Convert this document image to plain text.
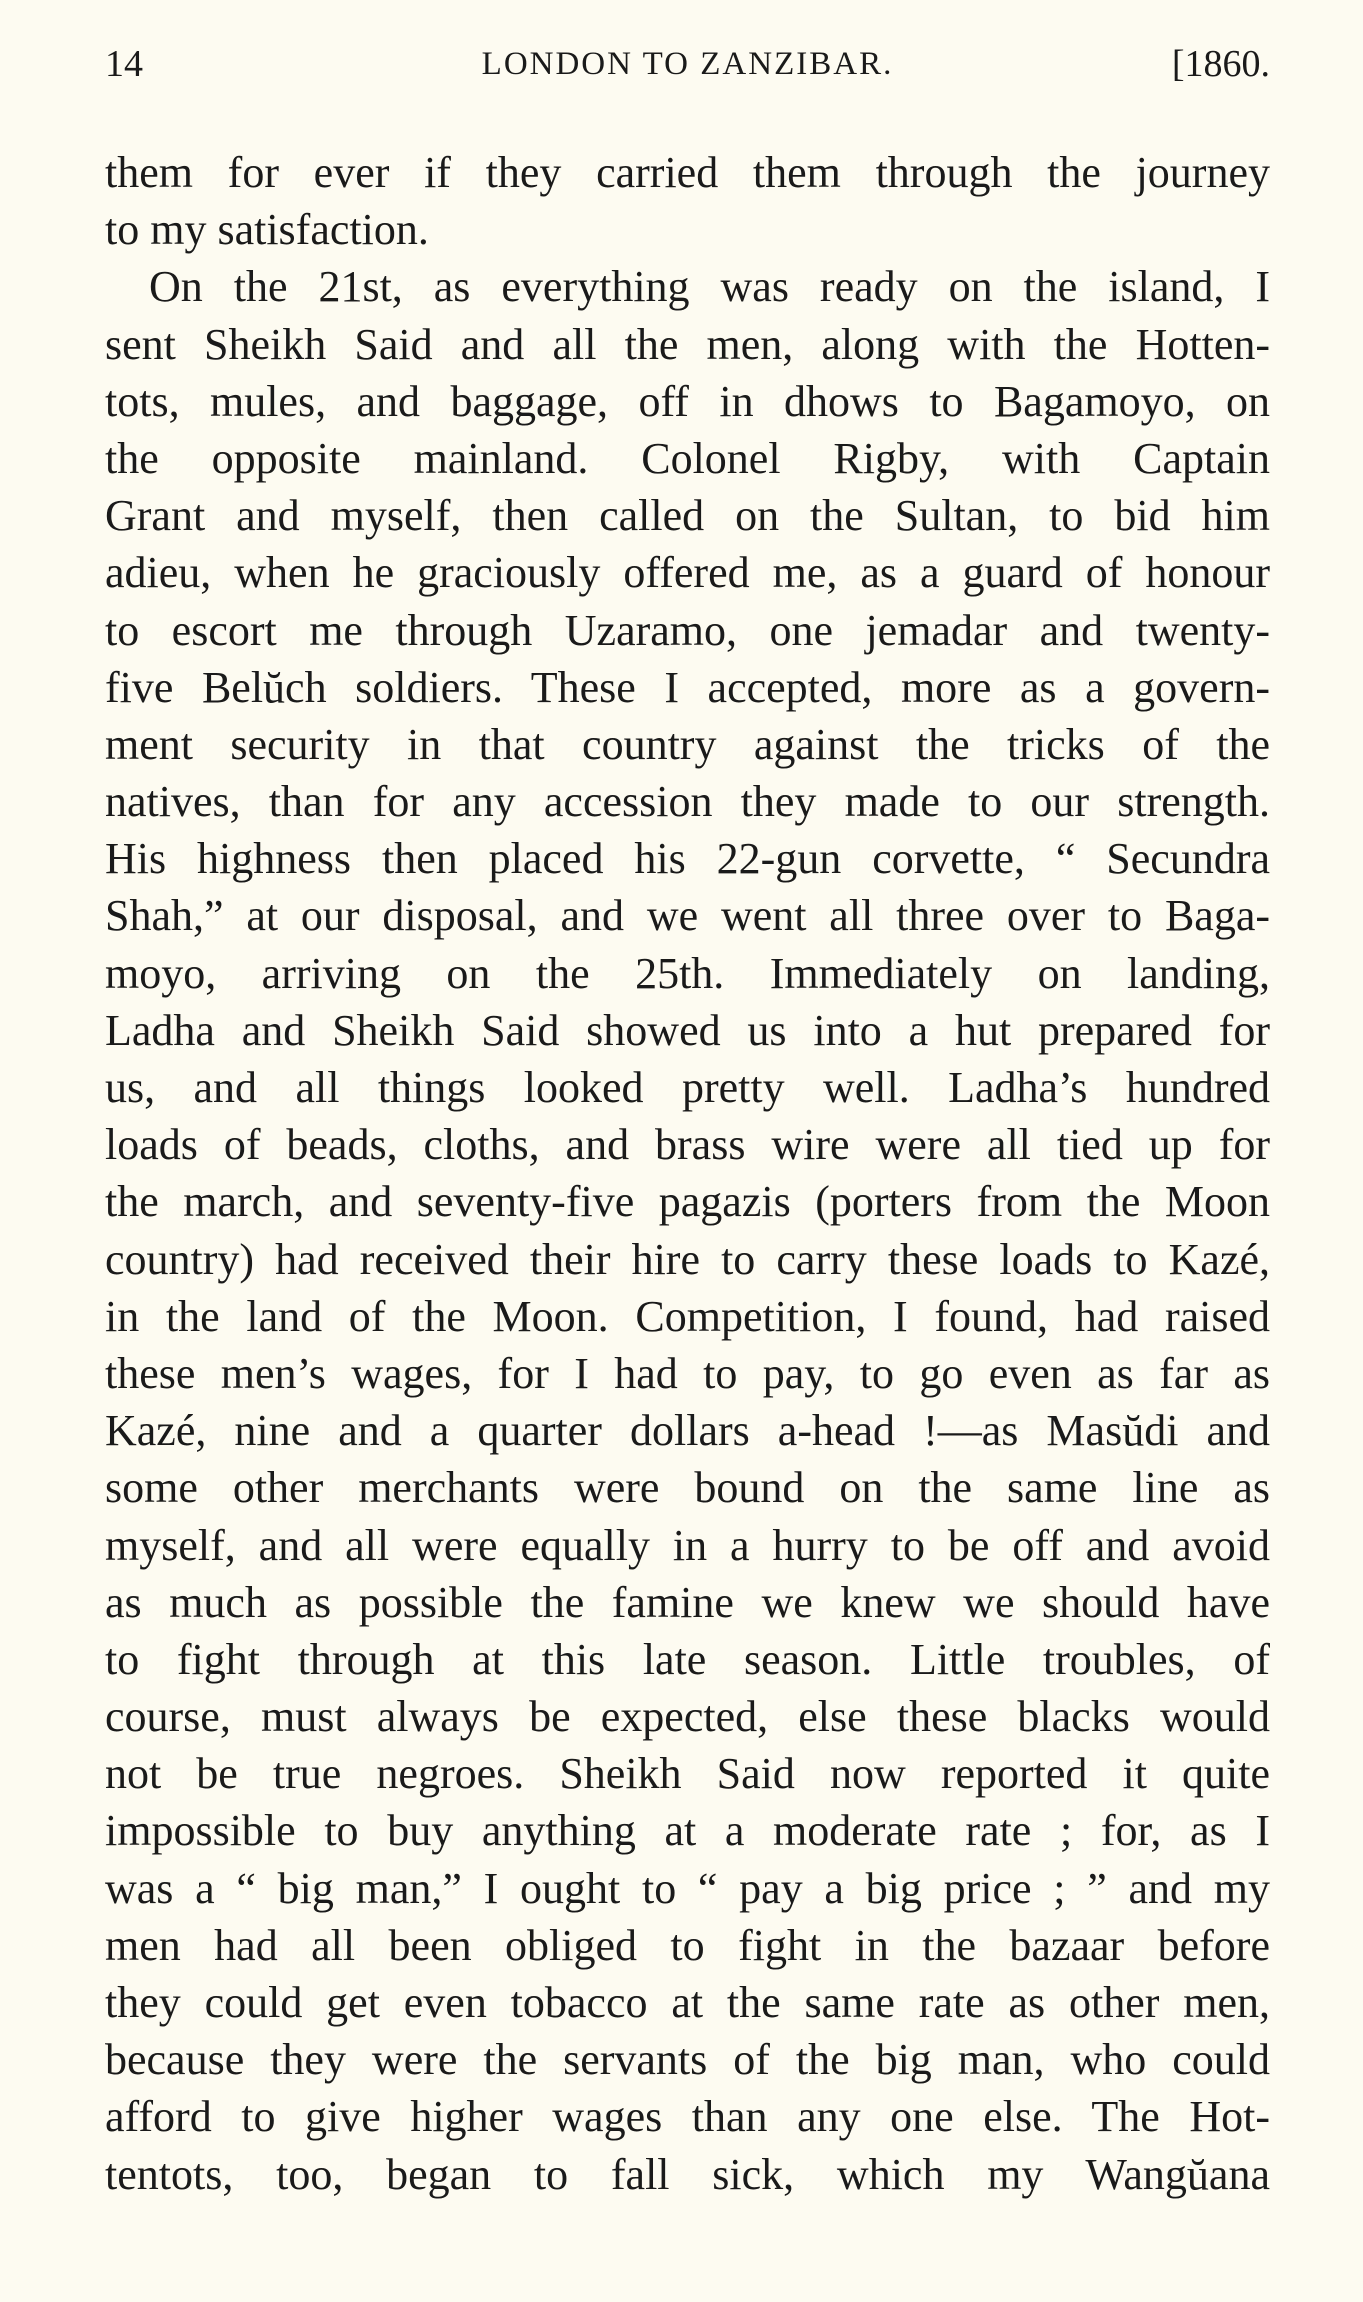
14	LONDON TO ZANZIBAR.	[1860.
them for ever if they carried them through the journey
to my satisfaction.
On the 21st, as everything was ready on the island, I
sent Sheikh Said and all the men, along with the Hotten-
tots, mules, and baggage, off in dhows to Bagamoyo, on
the opposite mainland. Colonel Rigby, with Captain
Grant and myself, then called on the Sultan, to bid him
adieu, when he graciously offered me, as a guard of honour
to escort me through Uzaramo, one jemadar and twenty-
five Belŭch soldiers. These I accepted, more as a govern-
ment security in that country against the tricks of the
natives, than for any accession they made to our strength.
His highness then placed his 22-gun corvette, “ Secundra
Shah,” at our disposal, and we went all three over to Baga-
moyo, arriving on the 25th. Immediately on landing,
Ladha and Sheikh Said showed us into a hut prepared for
us, and all things looked pretty well. Ladha’s hundred
loads of beads, cloths, and brass wire were all tied up for
the march, and seventy-five pagazis (porters from the Moon
country) had received their hire to carry these loads to Kazé,
in the land of the Moon. Competition, I found, had raised
these men’s wages, for I had to pay, to go even as far as
Kazé, nine and a quarter dollars a-head !—as Masŭdi and
some other merchants were bound on the same line as
myself, and all were equally in a hurry to be off and avoid
as much as possible the famine we knew we should have
to fight through at this late season. Little troubles, of
course, must always be expected, else these blacks would
not be true negroes. Sheikh Said now reported it quite
impossible to buy anything at a moderate rate ; for, as I
was a “ big man,” I ought to “ pay a big price ; ” and my
men had all been obliged to fight in the bazaar before
they could get even tobacco at the same rate as other men,
because they were the servants of the big man, who could
afford to give higher wages than any one else. The Hot-
tentots, too, began to fall sick, which my Wangŭana
